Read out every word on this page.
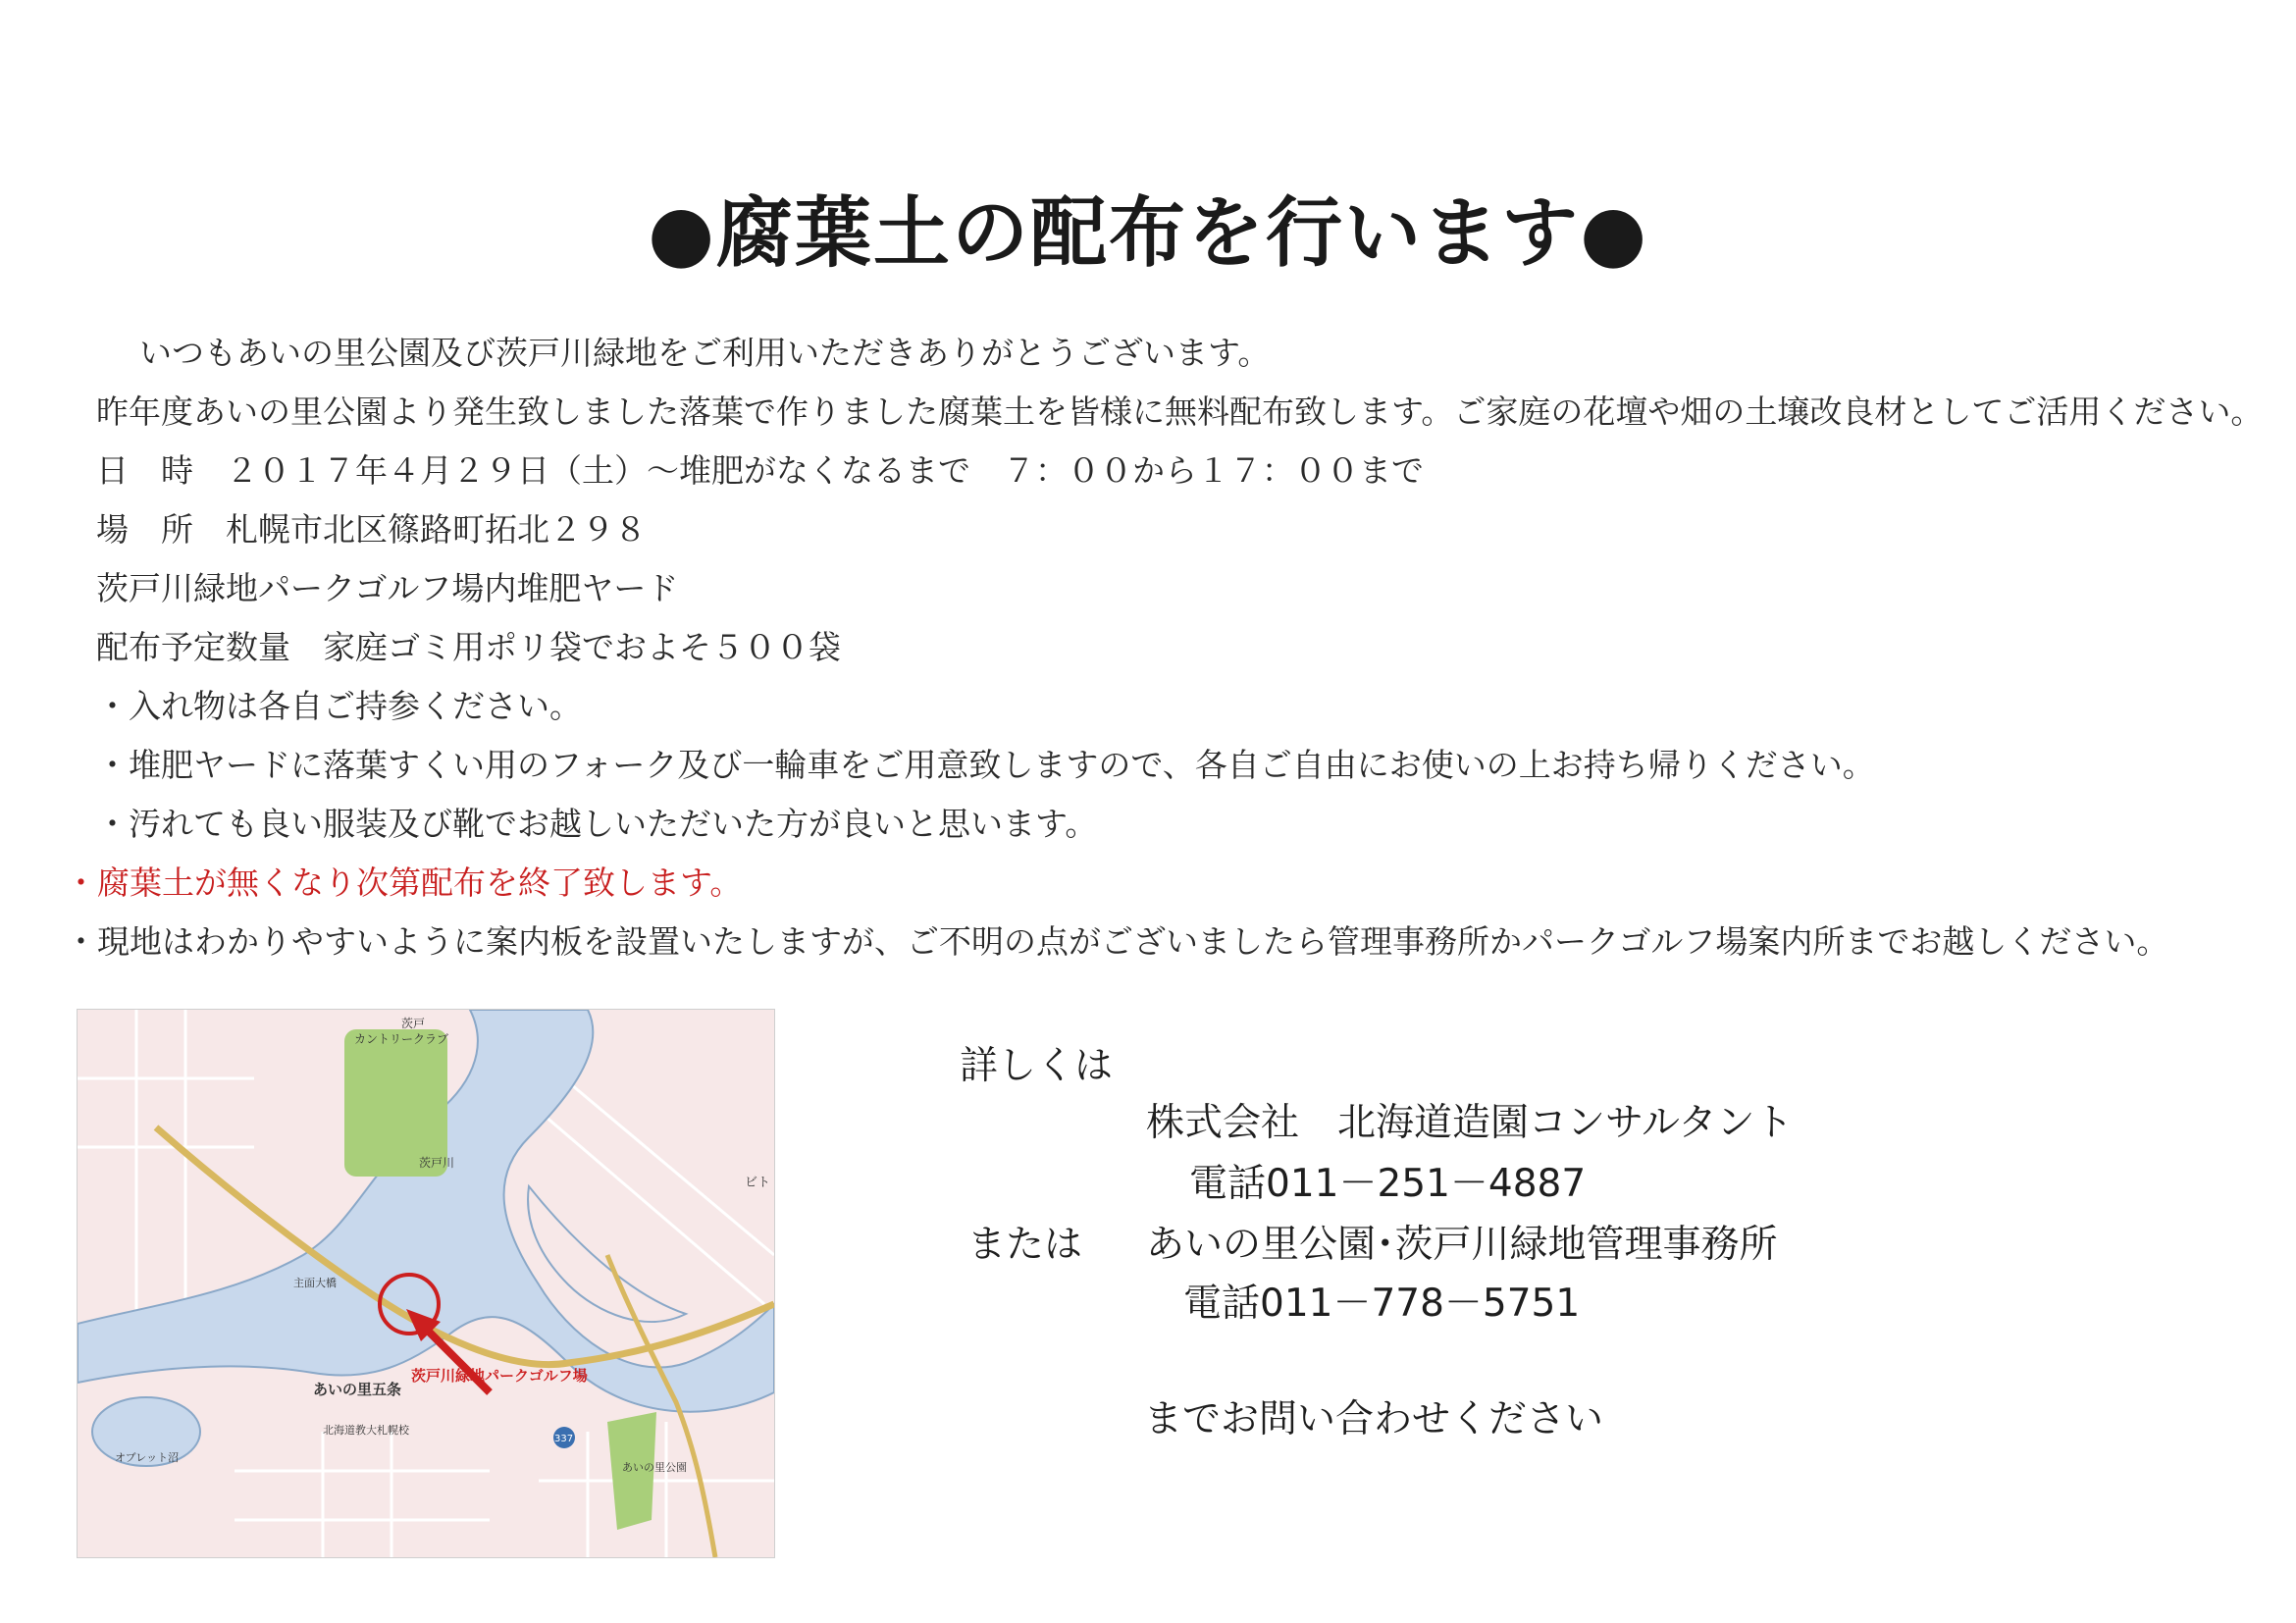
●腐葉土の配布を行います●
いつもあいの里公園及び茨戸川緑地をご利用いただきありがとうございます。
昨年度あいの里公園より発生致しました落葉で作りました腐葉土を皆様に無料配布致します。ご家庭の花壇や畑の土壌改良材としてご活用ください。
日　時　２０１７年４月２９日（土）～堆肥がなくなるまで　７：００から１７：００まで
場　所　札幌市北区篠路町拓北２９８
茨戸川緑地パークゴルフ場内堆肥ヤード
配布予定数量　家庭ゴミ用ポリ袋でおよそ５００袋
・入れ物は各自ご持参ください。
・堆肥ヤードに落葉すくい用のフォーク及び一輪車をご用意致しますので、各自ご自由にお使いの上お持ち帰りください。
・汚れても良い服装及び靴でお越しいただいた方が良いと思います。
・腐葉土が無くなり次第配布を終了致します。
・現地はわかりやすいように案内板を設置いたしますが、ご不明の点がございましたら管理事務所かパークゴルフ場案内所までお越しください。
茨戸
カントリークラブ
茨戸川
主面大橋
茨戸川緑地パークゴルフ場
あいの里五条
北海道教大札幌校
オブレット沼
あいの里公園
337
ビト
詳しくは
株式会社　北海道造園コンサルタント
電話011－251－4887
または あいの里公園･茨戸川緑地管理事務所
電話011－778－5751
までお問い合わせください
